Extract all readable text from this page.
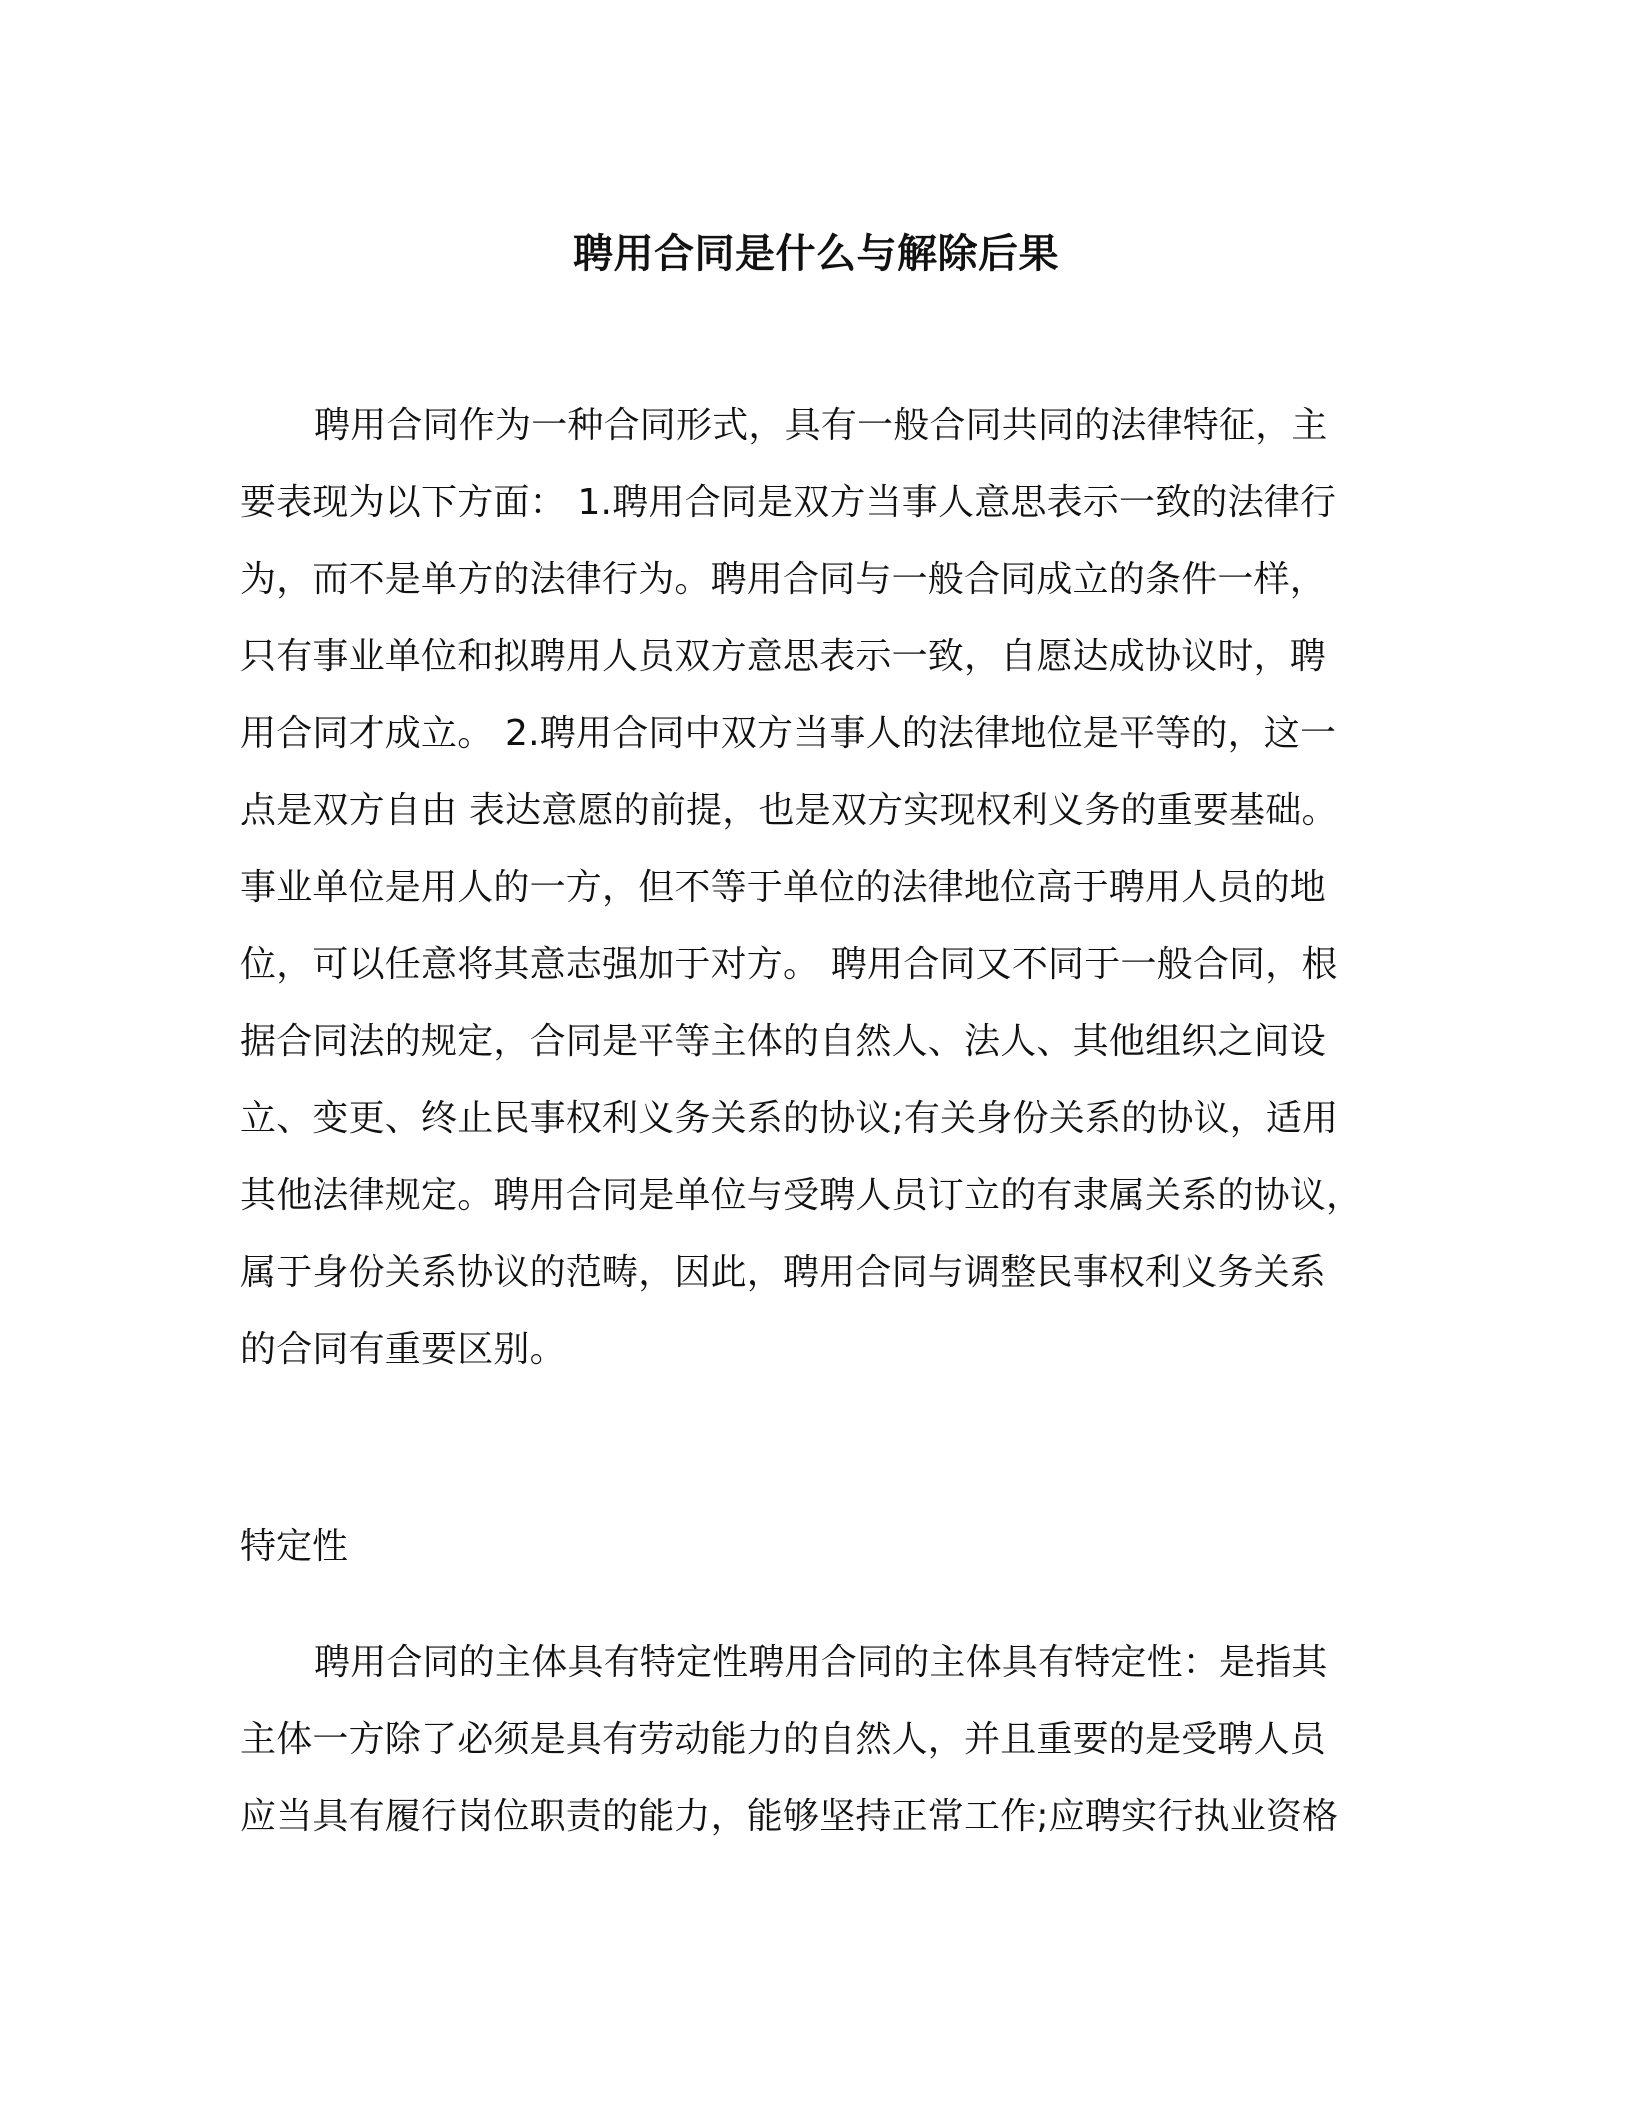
聘用合同是什么与解除后果

聘用合同作为一种合同形式，具有一般合同共同的法律特征，主
要表现为以下方面： 1.聘用合同是双方当事人意思表示一致的法律行
为，而不是单方的法律行为。聘用合同与一般合同成立的条件一样，
只有事业单位和拟聘用人员双方意思表示一致，自愿达成协议时，聘
用合同才成立。 2.聘用合同中双方当事人的法律地位是平等的，这一
点是双方自由 表达意愿的前提，也是双方实现权利义务的重要基础。
事业单位是用人的一方，但不等于单位的法律地位高于聘用人员的地
位，可以任意将其意志强加于对方。 聘用合同又不同于一般合同，根
据合同法的规定，合同是平等主体的自然人、法人、其他组织之间设
立、变更、终止民事权利义务关系的协议;有关身份关系的协议，适用
其他法律规定。聘用合同是单位与受聘人员订立的有隶属关系的协议，
属于身份关系协议的范畴，因此，聘用合同与调整民事权利义务关系
的合同有重要区别。

特定性

聘用合同的主体具有特定性聘用合同的主体具有特定性：是指其
主体一方除了必须是具有劳动能力的自然人，并且重要的是受聘人员
应当具有履行岗位职责的能力，能够坚持正常工作;应聘实行执业资格
